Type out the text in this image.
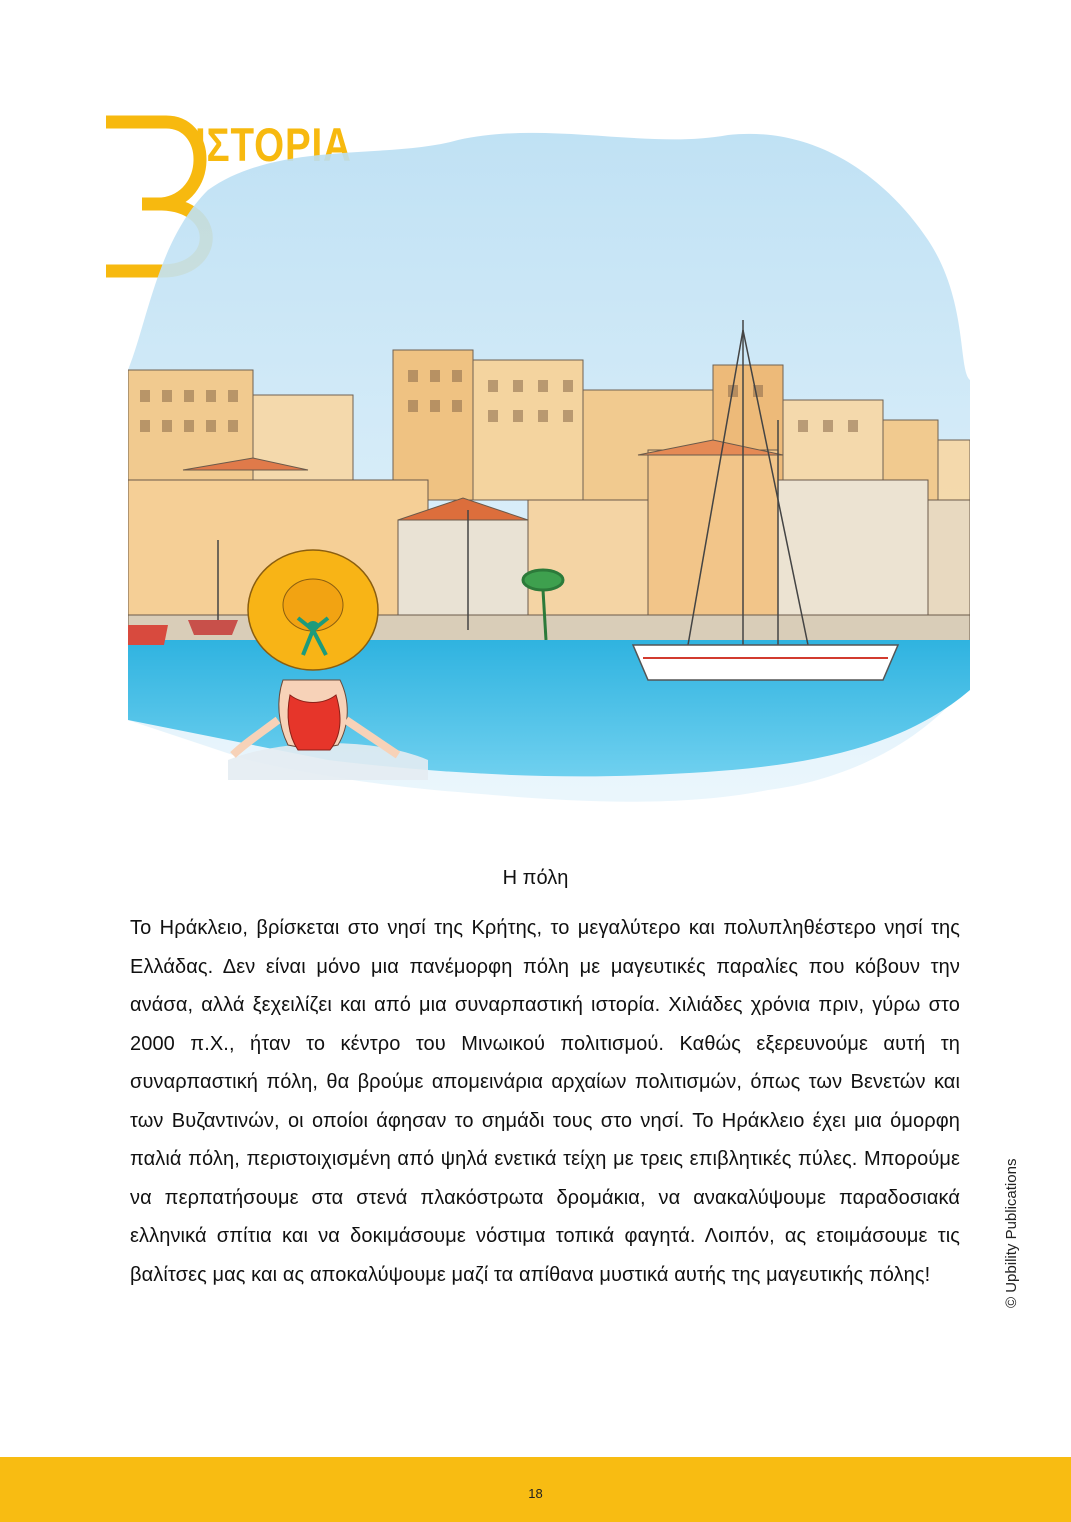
ΙΣΤΟΡΙΑ
Η πόλη
Το Ηράκλειο, βρίσκεται στο νησί της Κρήτης, το μεγαλύτερο και πολυπληθέστερο νησί της Ελλάδας. Δεν είναι μόνο μια πανέμορφη πόλη με μαγευτικές παραλίες που κόβουν την ανάσα, αλλά ξεχειλίζει και από μια συναρπαστική ιστορία. Χιλιάδες χρόνια πριν, γύρω στο 2000 π.Χ., ήταν το κέντρο του Μινωικού πολιτισμού. Καθώς εξερευνούμε αυτή τη συναρπαστική πόλη, θα βρούμε απομεινάρια αρχαίων πολιτισμών, όπως των Βενετών και των Βυζαντινών, οι οποίοι άφησαν το σημάδι τους στο νησί. Το Ηράκλειο έχει μια όμορφη παλιά πόλη, περιστοιχισμένη από ψηλά ενετικά τείχη με τρεις επιβλητικές πύλες. Μπορούμε να περπατήσουμε στα στενά πλακόστρωτα δρομάκια, να ανακαλύψουμε παραδοσιακά ελληνικά σπίτια και να δοκιμάσουμε νόστιμα τοπικά φαγητά. Λοιπόν, ας ετοιμάσουμε τις βαλίτσες μας και ας αποκαλύψουμε μαζί τα απίθανα μυστικά αυτής της μαγευτικής πόλης!	© Upbility Publications
18
